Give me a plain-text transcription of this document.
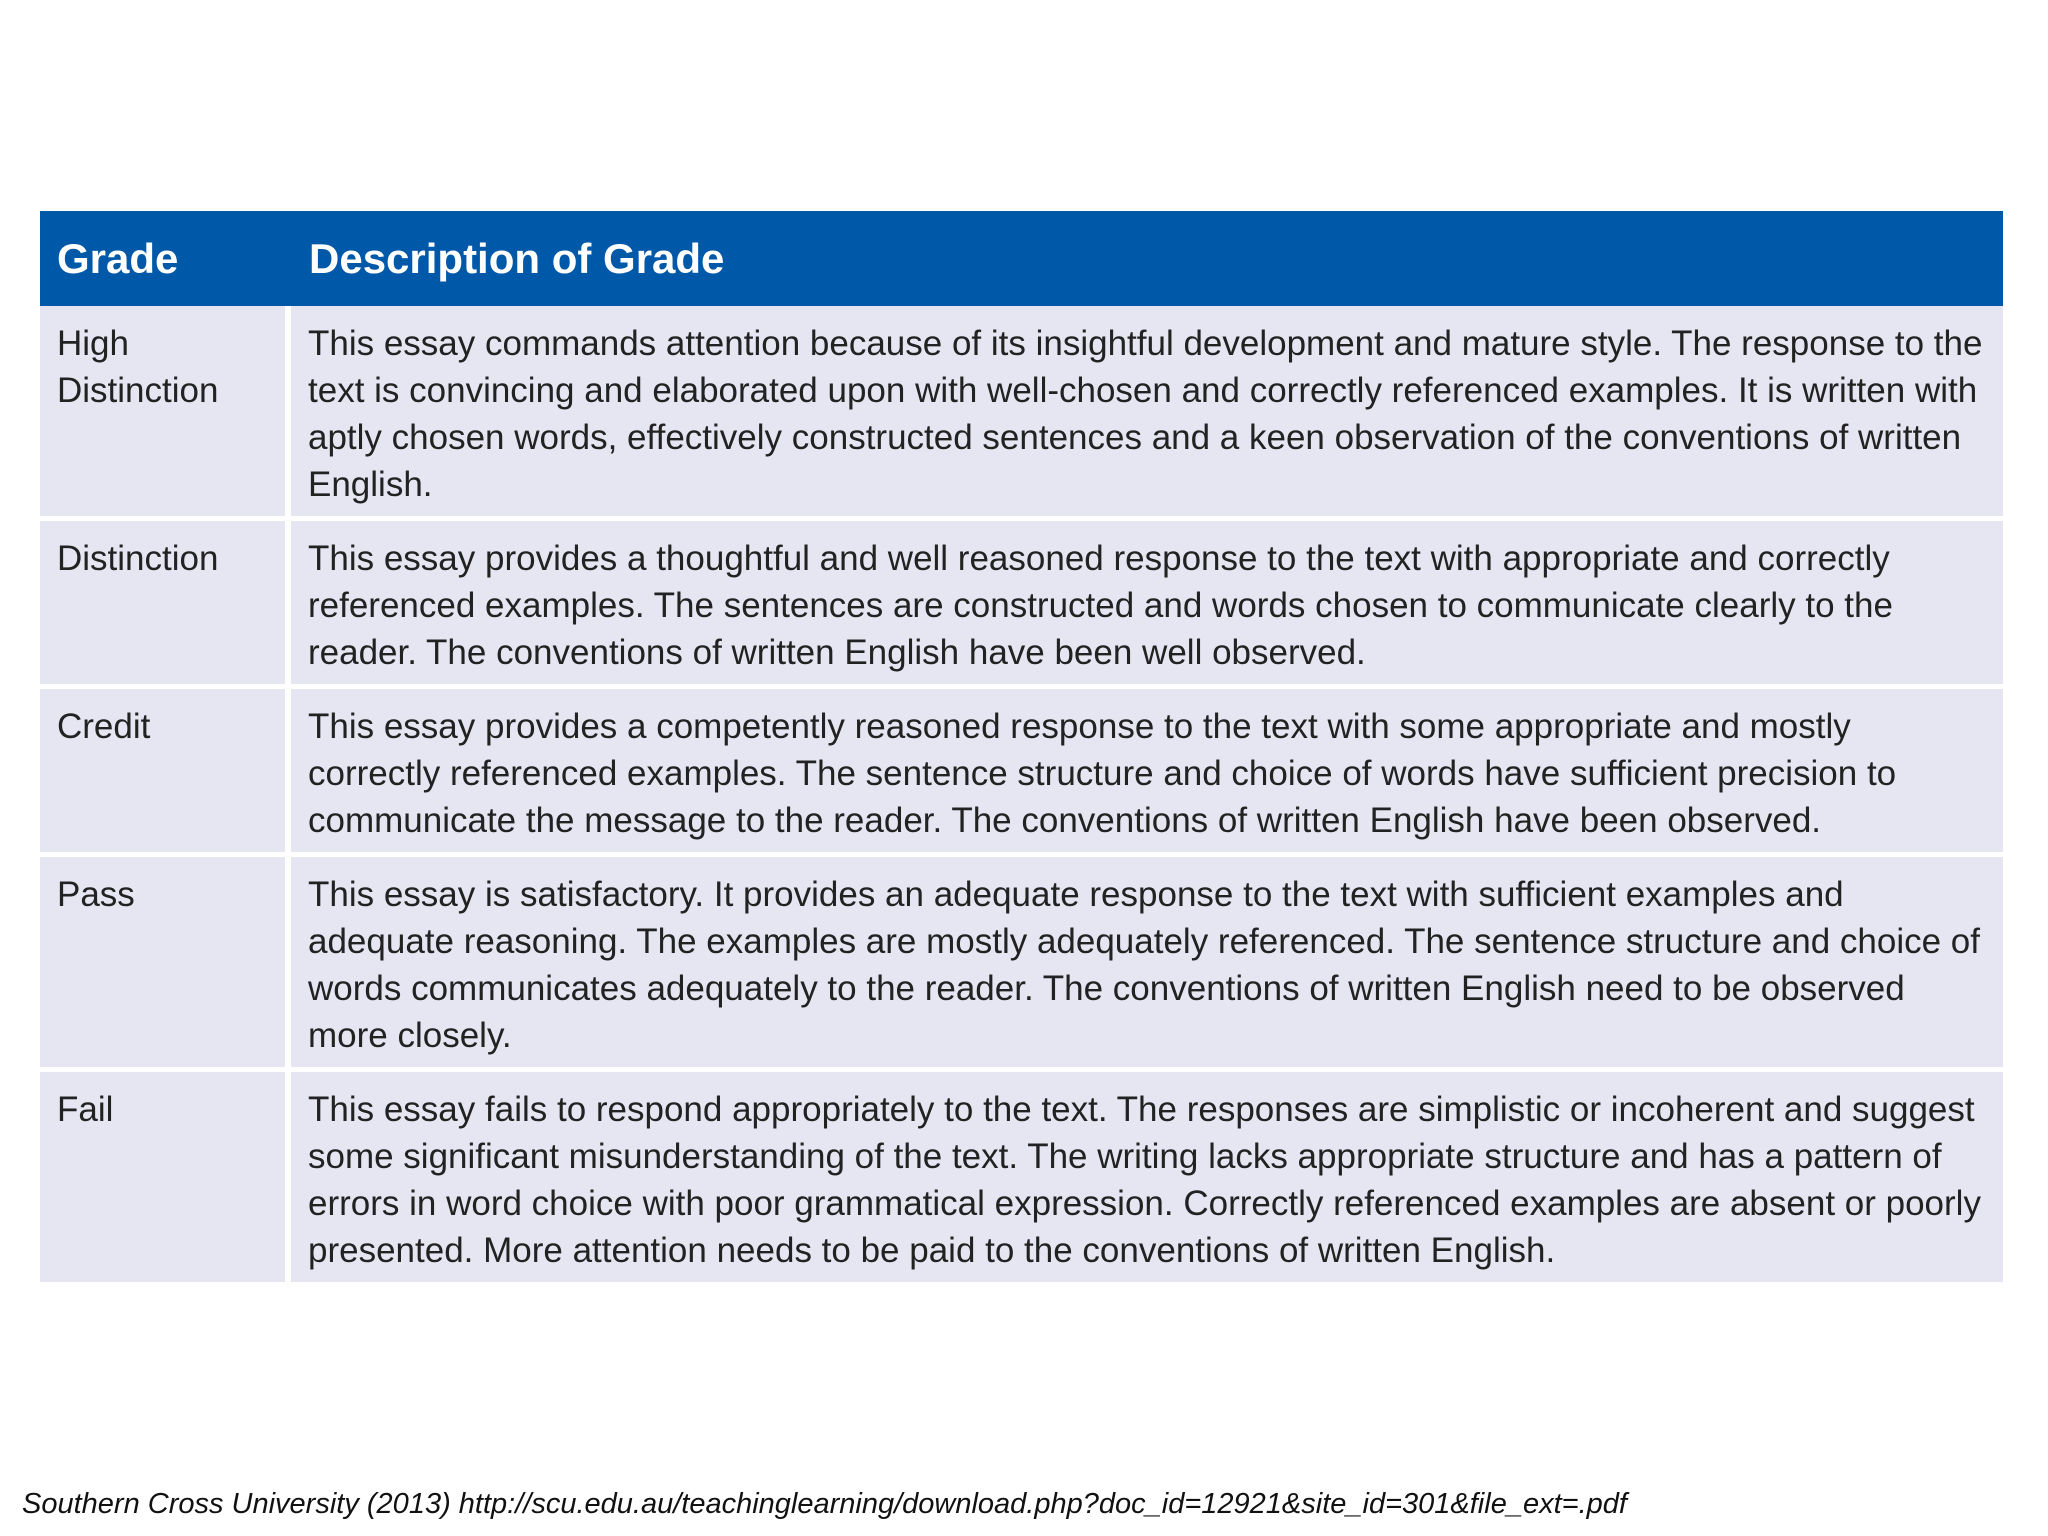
Grade	Description of Grade
High Distinction	This essay commands attention because of its insightful development and mature style. The response to the text is convincing and elaborated upon with well-chosen and correctly referenced examples. It is written with aptly chosen words, effectively constructed sentences and a keen observation of the conventions of written English.
Distinction	This essay provides a thoughtful and well reasoned response to the text with appropriate and correctly referenced examples. The sentences are constructed and words chosen to communicate clearly to the reader. The conventions of written English have been well observed.
Credit	This essay provides a competently reasoned response to the text with some appropriate and mostly correctly referenced examples. The sentence structure and choice of words have sufficient precision to communicate the message to the reader. The conventions of written English have been observed.
Pass	This essay is satisfactory. It provides an adequate response to the text with sufficient examples and adequate reasoning. The examples are mostly adequately referenced. The sentence structure and choice of words communicates adequately to the reader. The conventions of written English need to be observed more closely.
Fail	This essay fails to respond appropriately to the text. The responses are simplistic or incoherent and suggest some significant misunderstanding of the text. The writing lacks appropriate structure and has a pattern of errors in word choice with poor grammatical expression. Correctly referenced examples are absent or poorly presented. More attention needs to be paid to the conventions of written English.
Southern Cross University (2013) http://scu.edu.au/teachinglearning/download.php?doc_id=12921&site_id=301&file_ext=.pdf
